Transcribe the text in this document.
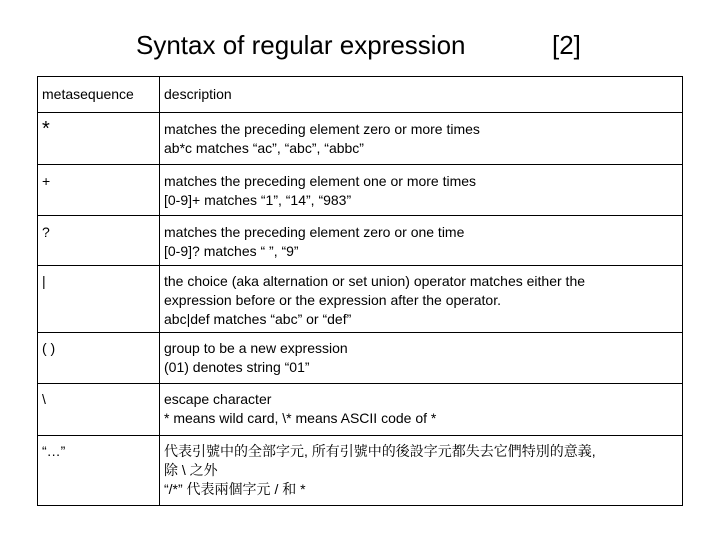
Syntax of regular expression	[2]
metasequence	description
*	matches the preceding element zero or more times
ab*c matches “ac”, “abc”, “abbc”

+	matches the preceding element one or more times
[0-9]+ matches “1”, “14”, “983”

?	matches the preceding element zero or one time
[0-9]? matches “ ”, “9”

|	the choice (aka alternation or set union) operator matches either the
expression before or the expression after the operator.
abc|def matches “abc” or “def”

( )	group to be a new expression
(01) denotes string “01”

\	escape character
* means wild card, \* means ASCII code of *

“…”	代表引號中的全部字元, 所有引號中的後設字元都失去它們特別的意義,
除 \ 之外
“/*” 代表兩個字元 / 和 *
